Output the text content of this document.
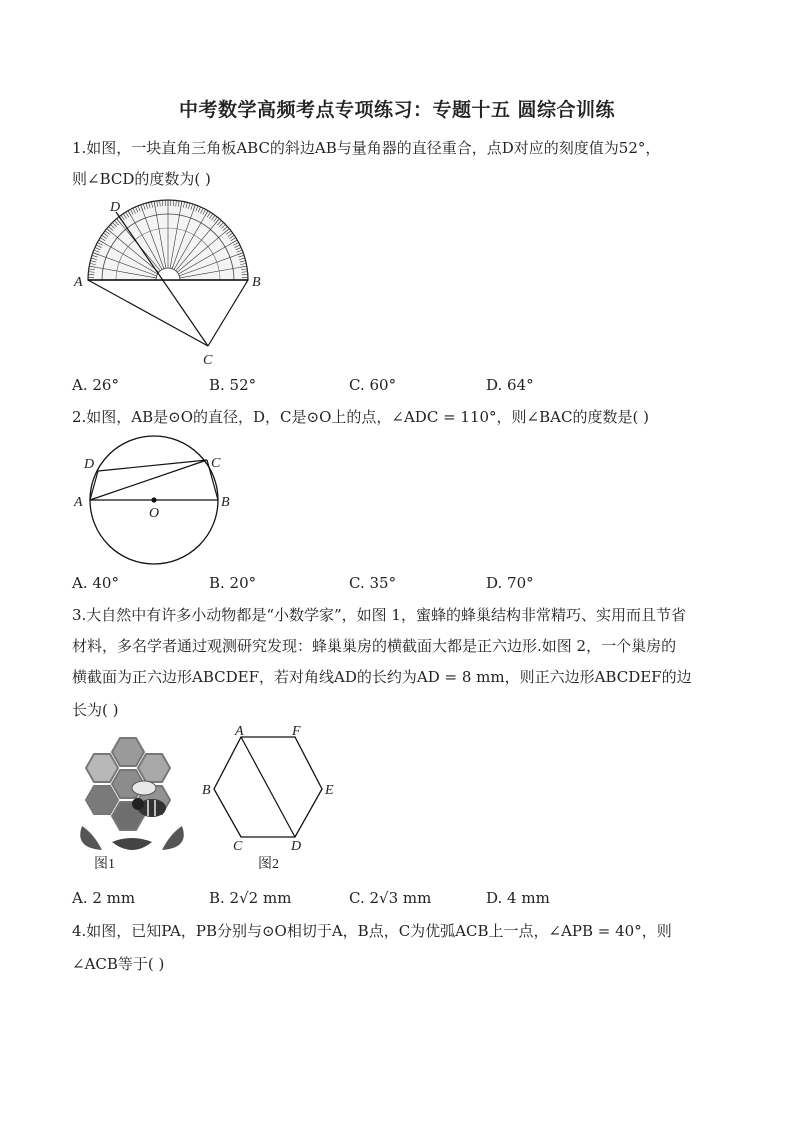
中考数学高频考点专项练习：专题十五 圆综合训练
1.如图，一块直角三角板ABC的斜边AB与量角器的直径重合，点D对应的刻度值为52°，
则∠BCD的度数为( )
A	B
C
D
A. 26°	B. 52°	C. 60°	D. 64°
2.如图，AB是⊙O的直径，D，C是⊙O上的点，∠ADC = 110°，则∠BAC的度数是( )
A	B
C
D
O
A. 40°	B. 20°	C. 35°	D. 70°
3.大自然中有许多小动物都是“小数学家”，如图 1，蜜蜂的蜂巢结构非常精巧、实用而且节省
材料，多名学者通过观测研究发现：蜂巢巢房的横截面大都是正六边形.如图 2，一个巢房的
横截面为正六边形ABCDEF，若对角线AD的长约为AD = 8 mm，则正六边形ABCDEF的边
长为( )
图1
A	F
E
D
C
B
图2
A. 2 mm	B. 2√2 mm	C. 2√3 mm	D. 4 mm
4.如图，已知PA，PB分别与⊙O相切于A，B点，C为优弧ACB上一点，∠APB = 40°，则
∠ACB等于( )
